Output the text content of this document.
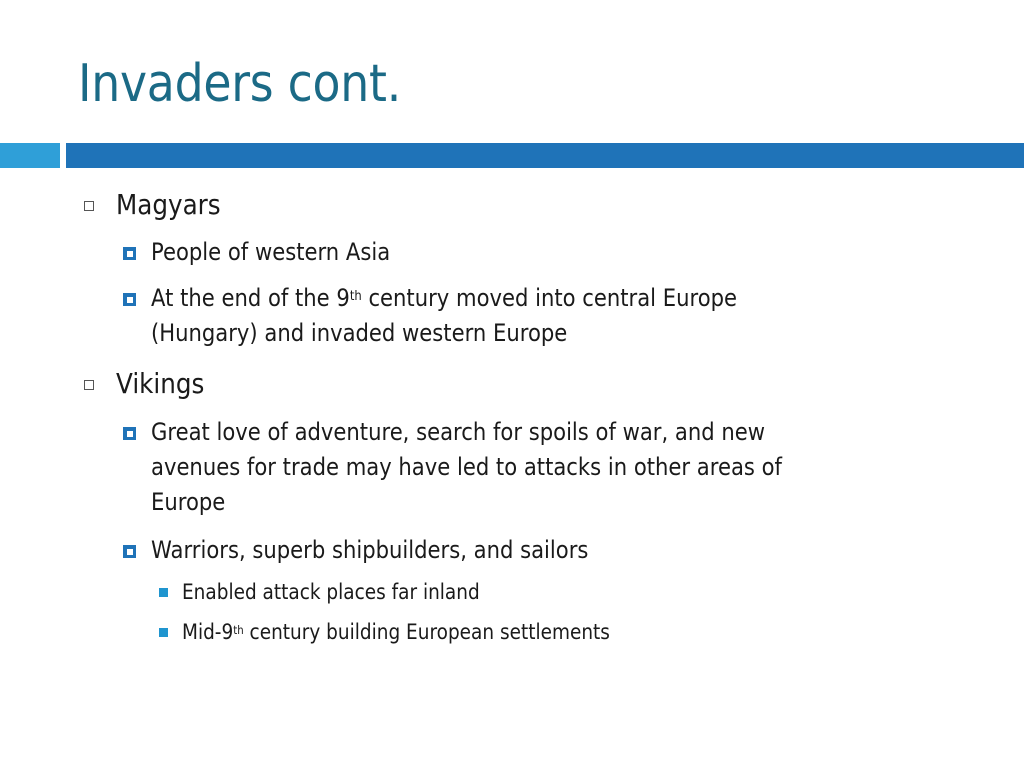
Invaders cont.
Magyars
People of western Asia
At the end of the 9th century moved into central Europe
(Hungary) and invaded western Europe
Vikings
Great love of adventure, search for spoils of war, and new
avenues for trade may have led to attacks in other areas of
Europe
Warriors, superb shipbuilders, and sailors
Enabled attack places far inland
Mid-9th century building European settlements
